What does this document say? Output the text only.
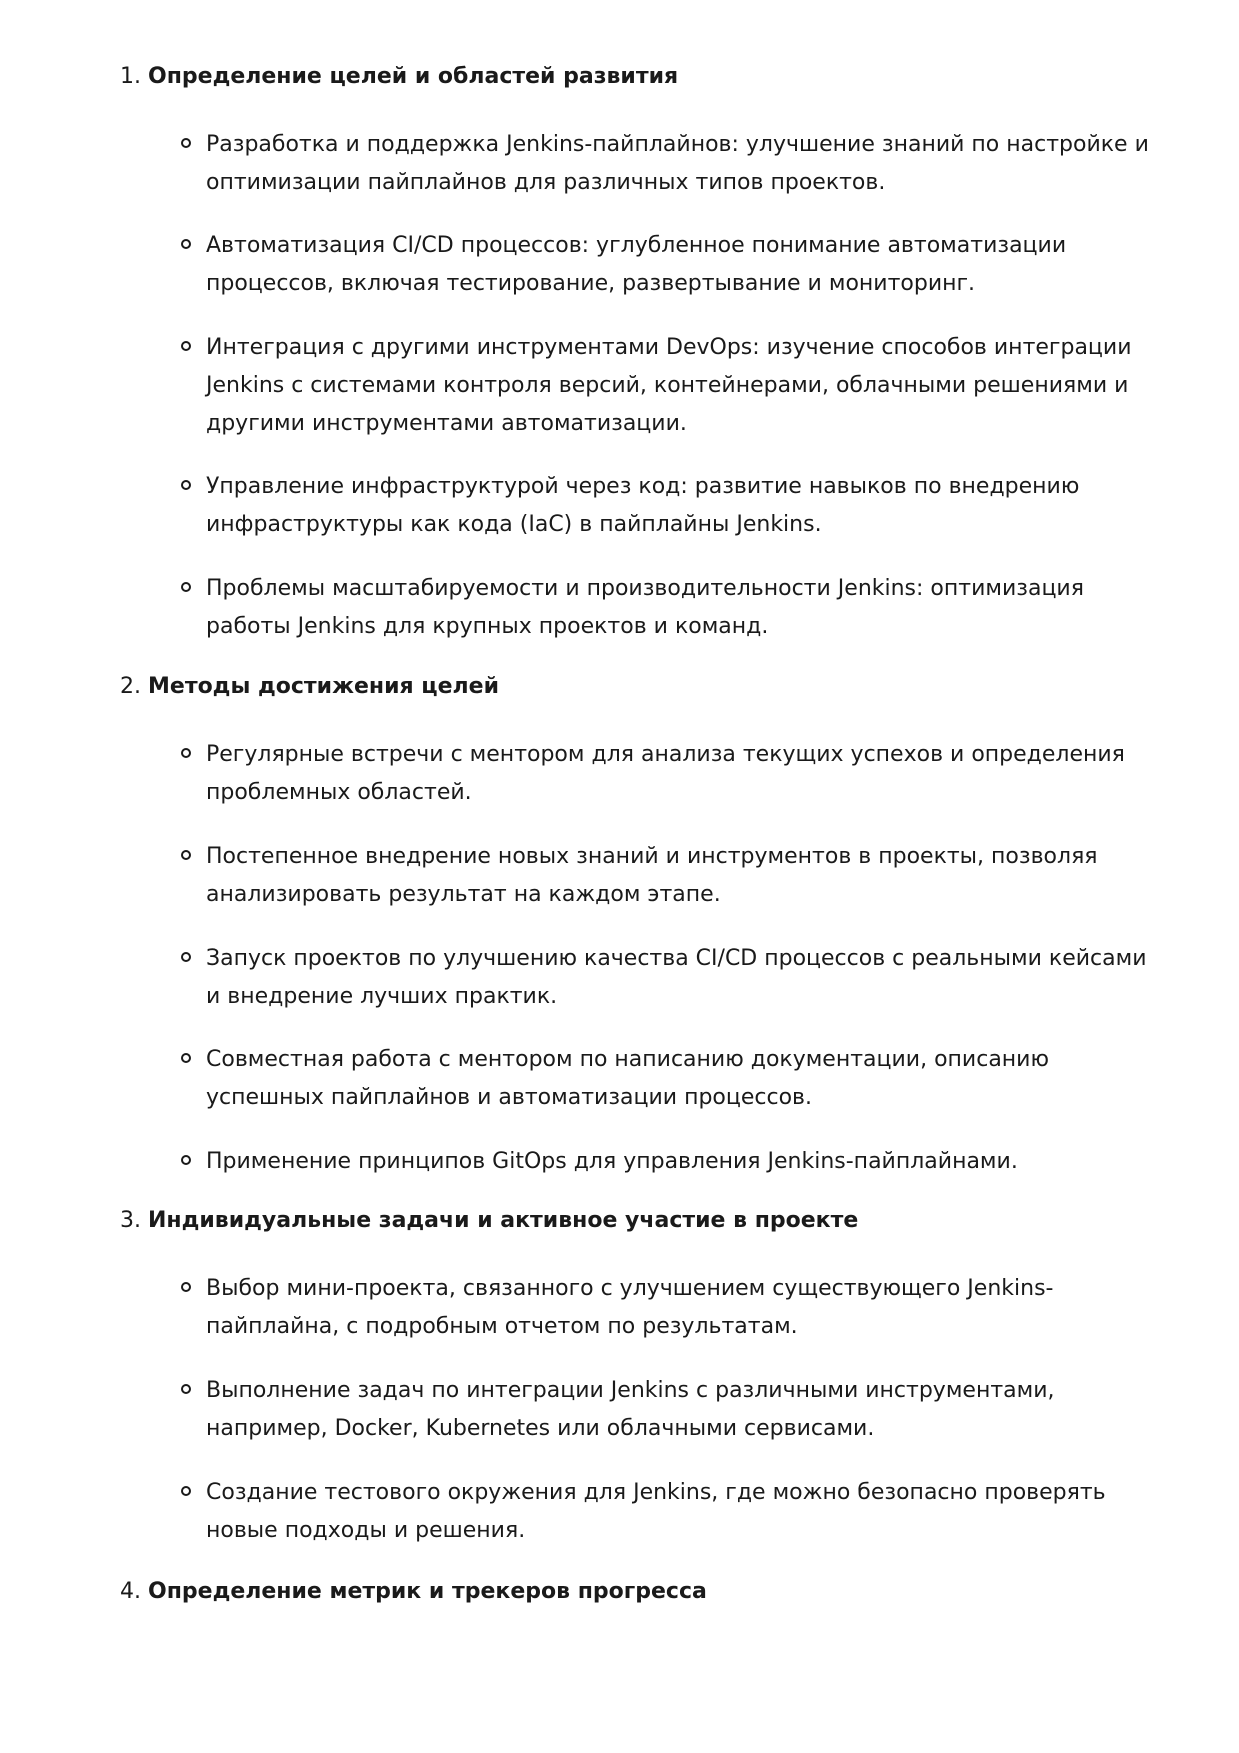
1. Определение целей и областей развития
Разработка и поддержка Jenkins-пайплайнов: улучшение знаний по настройке и оптимизации пайплайнов для различных типов проектов.
Автоматизация CI/CD процессов: углубленное понимание автоматизации процессов, включая тестирование, развертывание и мониторинг.
Интеграция с другими инструментами DevOps: изучение способов интеграции Jenkins с системами контроля версий, контейнерами, облачными решениями и другими инструментами автоматизации.
Управление инфраструктурой через код: развитие навыков по внедрению инфраструктуры как кода (IaC) в пайплайны Jenkins.
Проблемы масштабируемости и производительности Jenkins: оптимизация работы Jenkins для крупных проектов и команд.
2. Методы достижения целей
Регулярные встречи с ментором для анализа текущих успехов и определения проблемных областей.
Постепенное внедрение новых знаний и инструментов в проекты, позволяя анализировать результат на каждом этапе.
Запуск проектов по улучшению качества CI/CD процессов с реальными кейсами и внедрение лучших практик.
Совместная работа с ментором по написанию документации, описанию успешных пайплайнов и автоматизации процессов.
Применение принципов GitOps для управления Jenkins-пайплайнами.
3. Индивидуальные задачи и активное участие в проекте
Выбор мини-проекта, связанного с улучшением существующего Jenkins-пайплайна, с подробным отчетом по результатам.
Выполнение задач по интеграции Jenkins с различными инструментами, например, Docker, Kubernetes или облачными сервисами.
Создание тестового окружения для Jenkins, где можно безопасно проверять новые подходы и решения.
4. Определение метрик и трекеров прогресса
